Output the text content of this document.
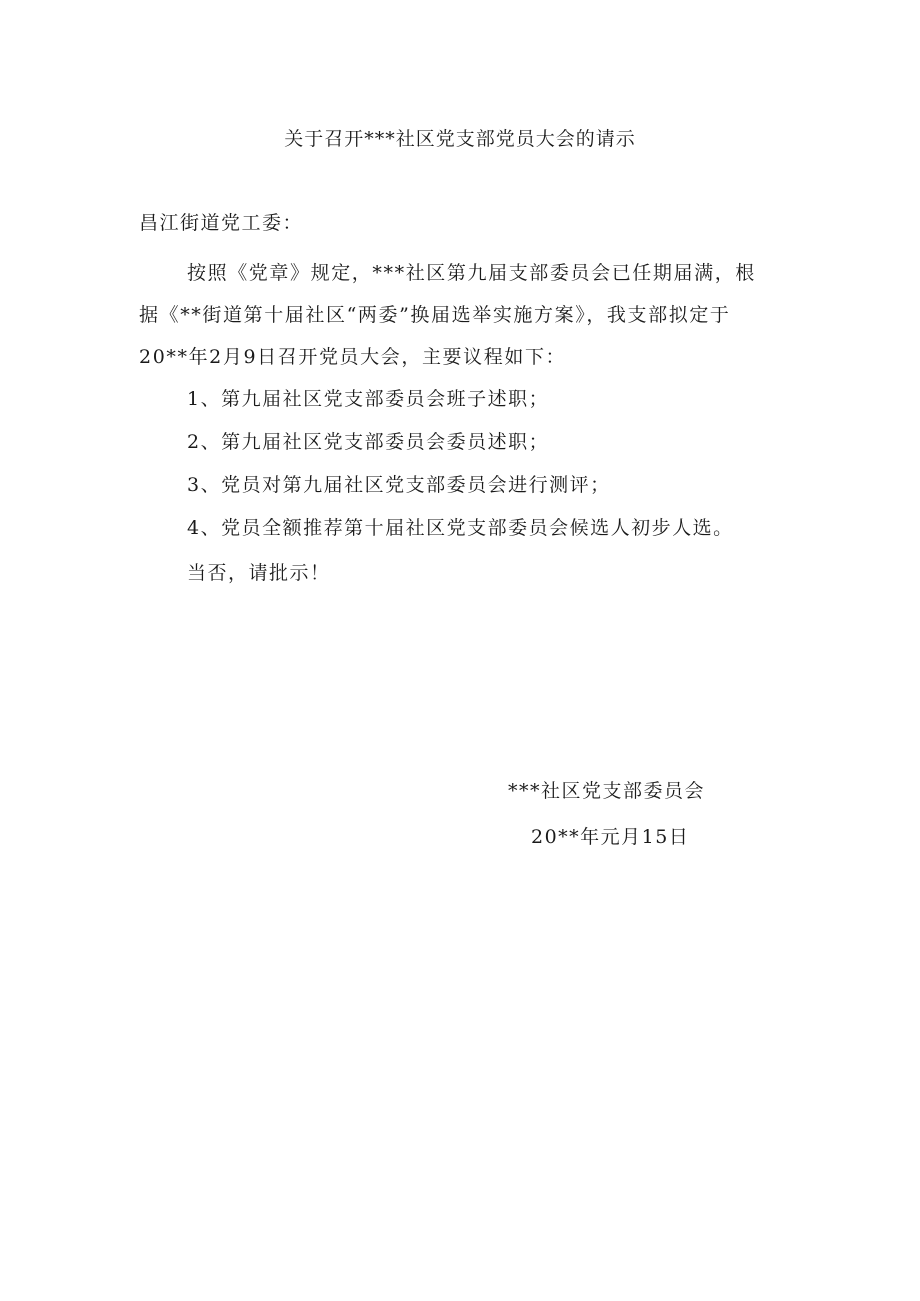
关于召开***社区党支部党员大会的请示
昌江街道党工委：
按照《党章》规定，***社区第九届支部委员会已任期届满，根
据《**街道第十届社区“两委”换届选举实施方案》，我支部拟定于
20**年2月9日召开党员大会，主要议程如下：
1、第九届社区党支部委员会班子述职；
2、第九届社区党支部委员会委员述职；
3、党员对第九届社区党支部委员会进行测评；
4、党员全额推荐第十届社区党支部委员会候选人初步人选。
当否，请批示！
***社区党支部委员会
20**年元月15日
